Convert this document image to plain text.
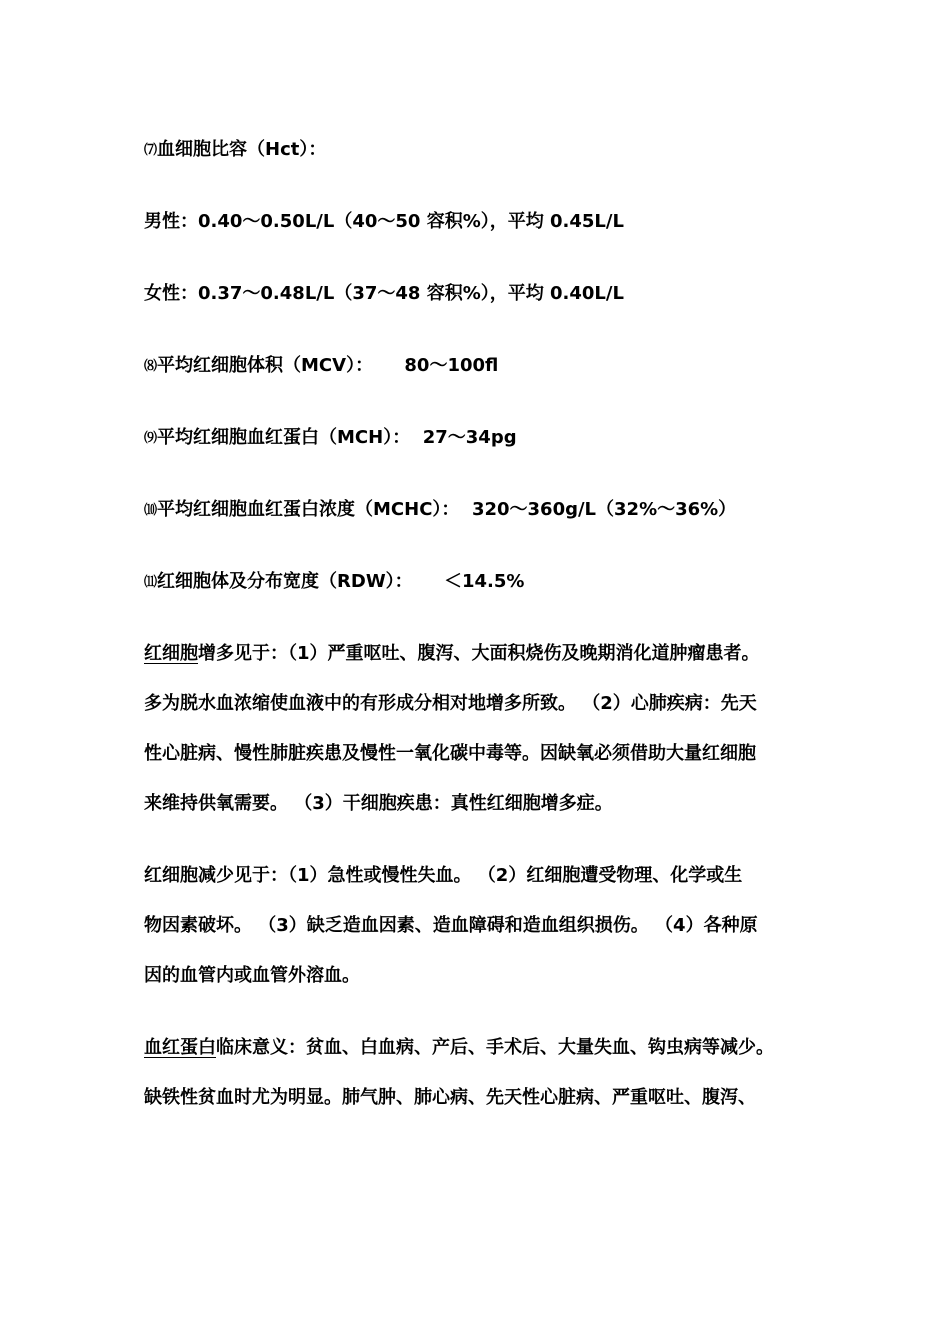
⑺血细胞比容（Hct）：
男性：0.40～0.50L/L（40～50 容积%），平均 0.45L/L
女性：0.37～0.48L/L（37～48 容积%），平均 0.40L/L
⑻平均红细胞体积（MCV）：     80～100fl
⑼平均红细胞血红蛋白（MCH）：  27～34pg
⑽平均红细胞血红蛋白浓度（MCHC）：  320～360g/L（32%～36%）
⑾红细胞体及分布宽度（RDW）：     ＜14.5%
红细胞增多见于：（1）严重呕吐、腹泻、大面积烧伤及晚期消化道肿瘤患者。
多为脱水血浓缩使血液中的有形成分相对地增多所致。 （2）心肺疾病：先天
性心脏病、慢性肺脏疾患及慢性一氧化碳中毒等。因缺氧必须借助大量红细胞
来维持供氧需要。 （3）干细胞疾患：真性红细胞增多症。
红细胞减少见于：（1）急性或慢性失血。 （2）红细胞遭受物理、化学或生
物因素破坏。 （3）缺乏造血因素、造血障碍和造血组织损伤。 （4）各种原
因的血管内或血管外溶血。
血红蛋白临床意义：贫血、白血病、产后、手术后、大量失血、钩虫病等减少。
缺铁性贫血时尤为明显。肺气肿、肺心病、先天性心脏病、严重呕吐、腹泻、
